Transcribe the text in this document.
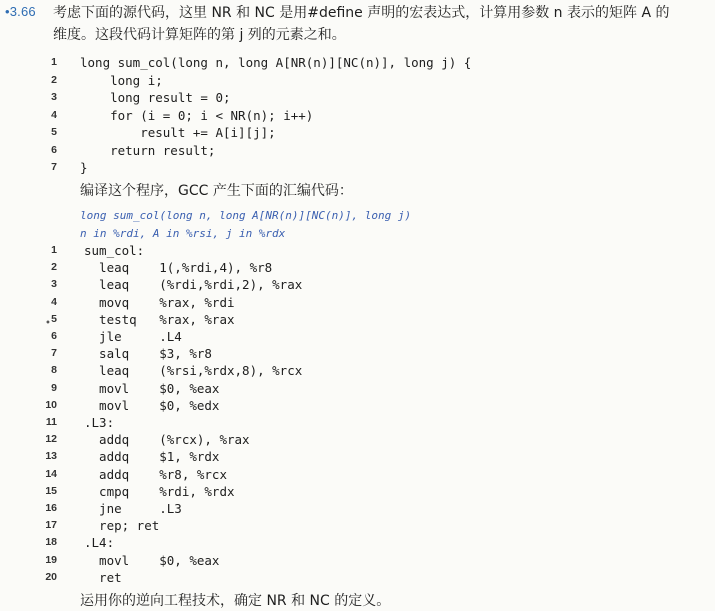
•3.66 考虑下面的源代码，这里 NR 和 NC 是用#define 声明的宏表达式，计算用参数 n 表示的矩阵 A 的
维度。这段代码计算矩阵的第 j 列的元素之和。
1 long sum_col(long n, long A[NR(n)][NC(n)], long j) {
2 long i;
3 long result = 0;
4 for (i = 0; i < NR(n); i++)
5 result += A[i][j];
6 return result;
7 }
编译这个程序，GCC 产生下面的汇编代码：
long sum_col(long n, long A[NR(n)][NC(n)], long j)
n in %rdi, A in %rsi, j in %rdx
1 sum_col:
2 leaq    1(,%rdi,4), %r8
3 leaq    (%rdi,%rdi,2), %rax
4 movq    %rax, %rdi
5 testq   %rax, %rax
6 jle     .L4
7 salq    $3, %r8
8 leaq    (%rsi,%rdx,8), %rcx
9 movl    $0, %eax
10 movl    $0, %edx
11 .L3:
12 addq    (%rcx), %rax
13 addq    $1, %rdx
14 addq    %r8, %rcx
15 cmpq    %rdi, %rdx
16 jne     .L3
17 rep; ret
18 .L4:
19 movl    $0, %eax
20 ret
•
运用你的逆向工程技术，确定 NR 和 NC 的定义。
